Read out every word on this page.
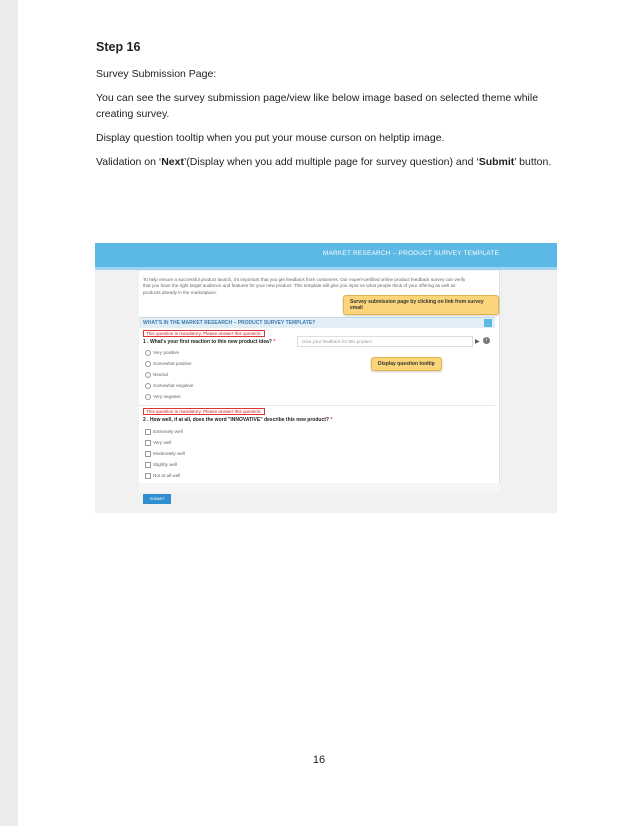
Step 16
Survey Submission Page:
You can see the survey submission page/view like below image based on selected theme while creating survey.
Display question tooltip when you put your mouse curson on helptip image.
Validation on ‘Next’(Display when you add multiple page for survey question) and ‘Submit’ button.
MARKET RESEARCH – PRODUCT SURVEY TEMPLATE
To help ensure a successful product launch, it's important that you get feedback from customers. Our expert-certified online product feedback survey can verify that you have the right target audience and features for your new product. This template will give you input on what people think of your offering as well as products already in the marketplace.
WHAT'S IN THE MARKET RESEARCH – PRODUCT SURVEY TEMPLATE?
This question is mandatory, Please answer this question.
1 . What's your first reaction to this new product idea? *	Give your feedback for this product.	▶	i
Very positive
Somewhat positive
Neutral
Somewhat negative
Very negative
This question is mandatory, Please answer this question.
2 . How well, if at all, does the word "INNOVATIVE" describe this new product? *
Extremely well
Very well
Moderately well
Slightly well
Not at all well
SUBMIT
Survey submission page by clicking on link from survey email
Display question tooltip
16
